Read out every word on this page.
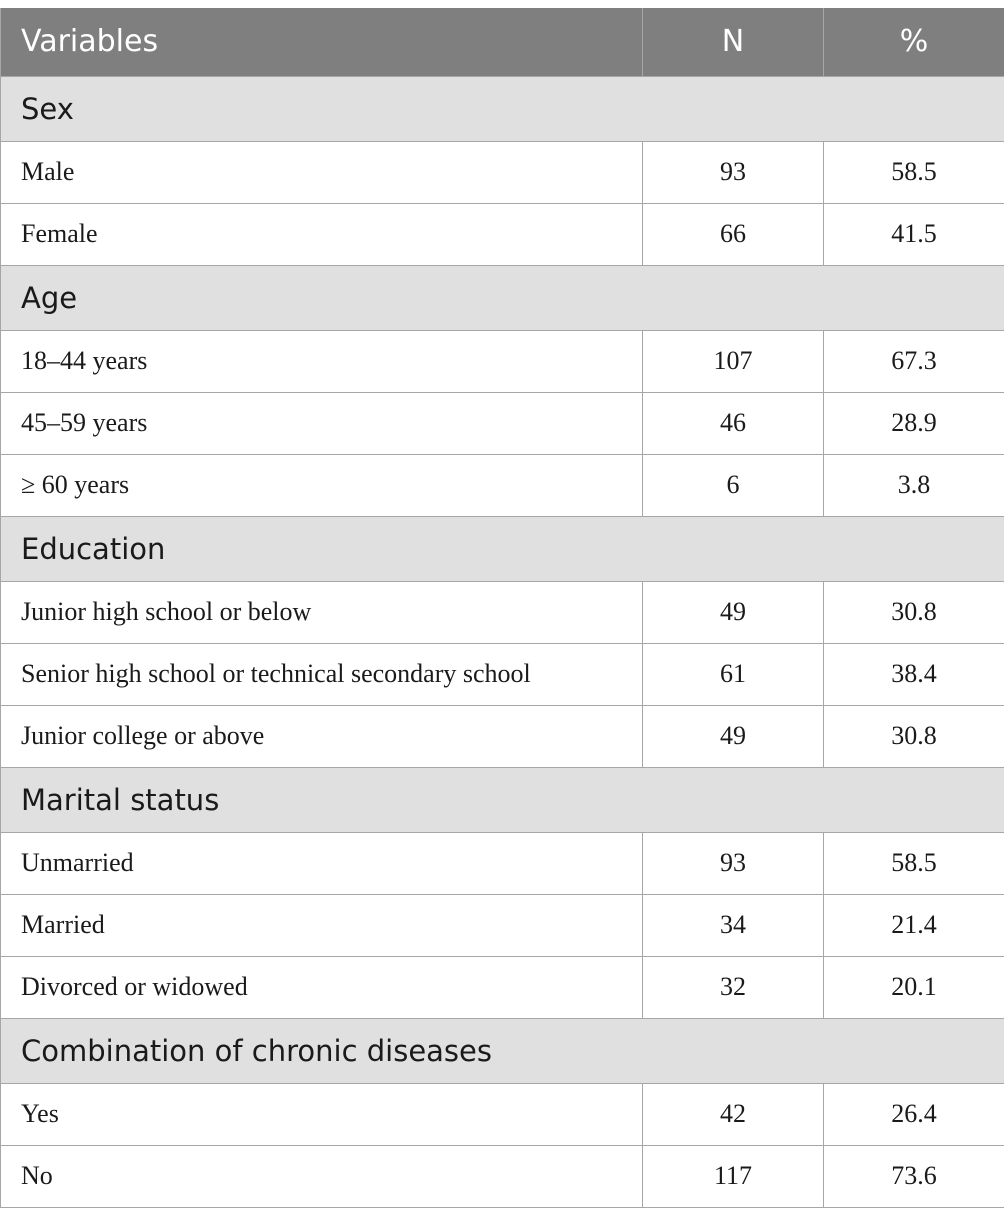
Variables	N	%
Sex		
Male	93	58.5
Female	66	41.5
Age		
18–44 years	107	67.3
45–59 years	46	28.9
≥ 60 years	6	3.8
Education		
Junior high school or below	49	30.8
Senior high school or technical secondary school	61	38.4
Junior college or above	49	30.8
Marital status		
Unmarried	93	58.5
Married	34	21.4
Divorced or widowed	32	20.1
Combination of chronic diseases		
Yes	42	26.4
No	117	73.6
